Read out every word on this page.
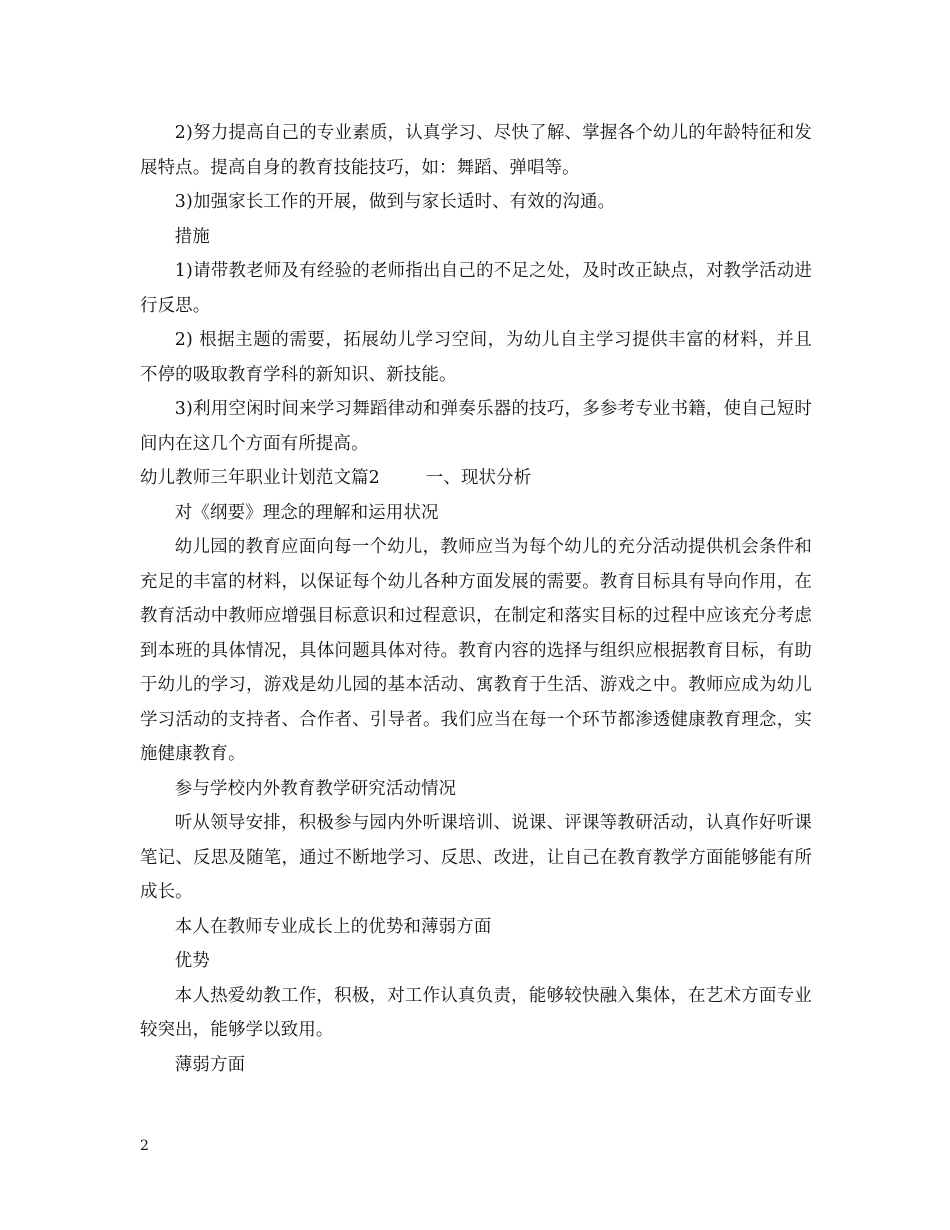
2)努力提高自己的专业素质，认真学习、尽快了解、掌握各个幼儿的年龄特征和发展特点。提高自身的教育技能技巧，如：舞蹈、弹唱等。

3)加强家长工作的开展，做到与家长适时、有效的沟通。

措施

1)请带教老师及有经验的老师指出自己的不足之处，及时改正缺点，对教学活动进行反思。

2) 根据主题的需要，拓展幼儿学习空间，为幼儿自主学习提供丰富的材料，并且不停的吸取教育学科的新知识、新技能。

3)利用空闲时间来学习舞蹈律动和弹奏乐器的技巧，多参考专业书籍，使自己短时间内在这几个方面有所提高。

幼儿教师三年职业计划范文篇2        一、现状分析

对《纲要》理念的理解和运用状况

幼儿园的教育应面向每一个幼儿，教师应当为每个幼儿的充分活动提供机会条件和充足的丰富的材料，以保证每个幼儿各种方面发展的需要。教育目标具有导向作用，在教育活动中教师应增强目标意识和过程意识，在制定和落实目标的过程中应该充分考虑到本班的具体情况，具体问题具体对待。教育内容的选择与组织应根据教育目标，有助于幼儿的学习，游戏是幼儿园的基本活动、寓教育于生活、游戏之中。教师应成为幼儿学习活动的支持者、合作者、引导者。我们应当在每一个环节都渗透健康教育理念，实施健康教育。

参与学校内外教育教学研究活动情况

听从领导安排，积极参与园内外听课培训、说课、评课等教研活动，认真作好听课笔记、反思及随笔，通过不断地学习、反思、改进，让自己在教育教学方面能够能有所成长。

本人在教师专业成长上的优势和薄弱方面

优势

本人热爱幼教工作，积极，对工作认真负责，能够较快融入集体，在艺术方面专业较突出，能够学以致用。

薄弱方面

2
